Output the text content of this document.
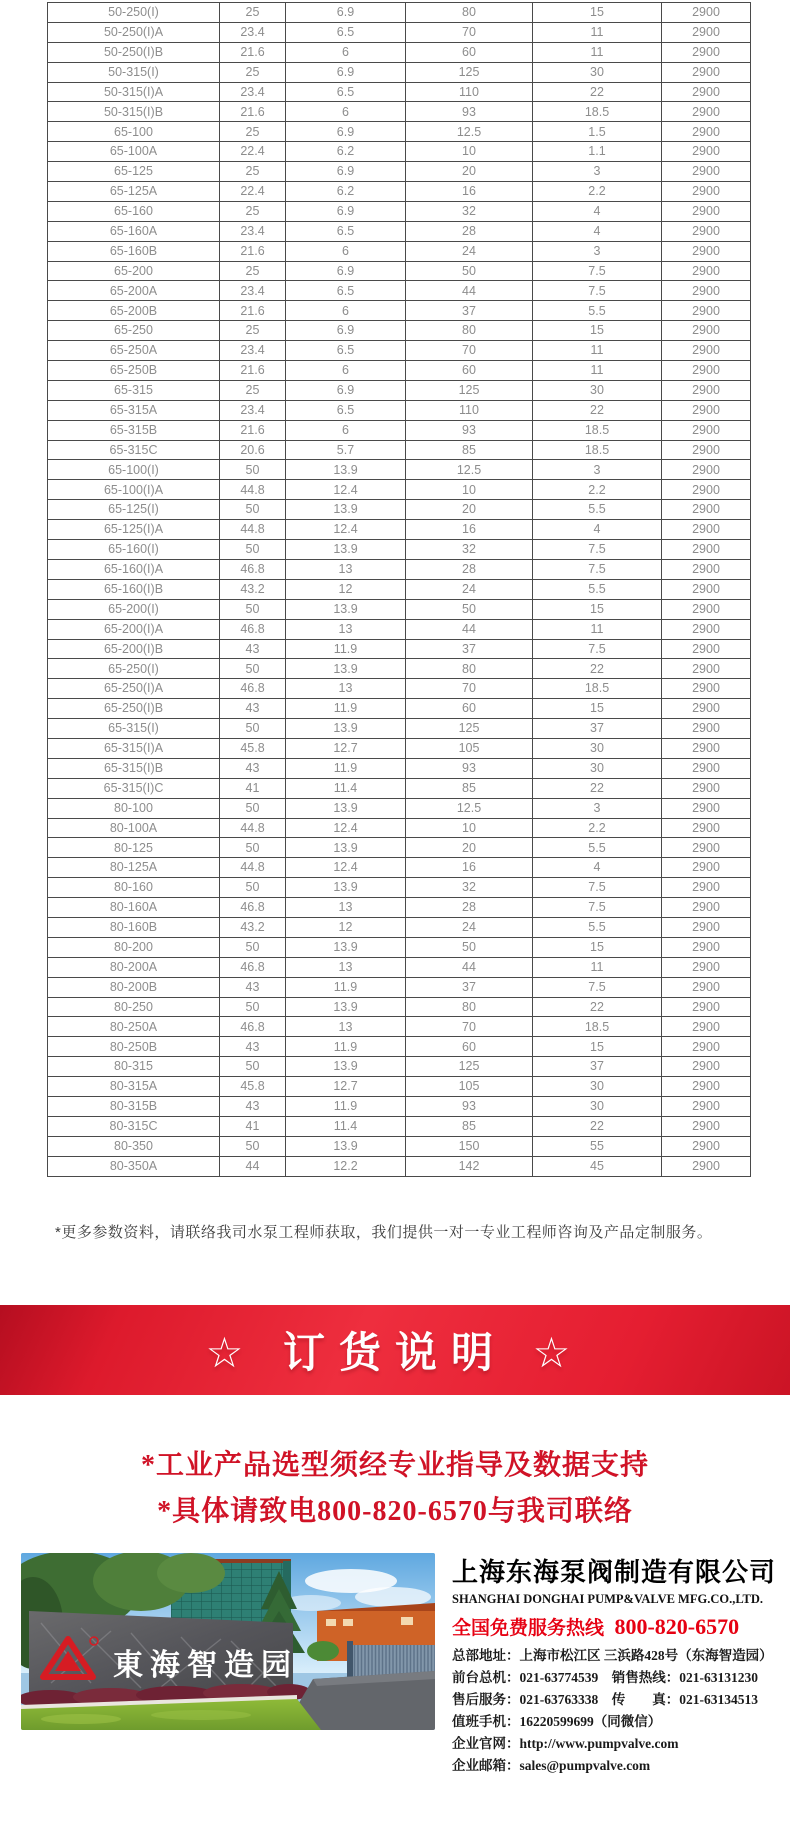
50-250(I)	25	6.9	80	15	2900
50-250(I)A	23.4	6.5	70	11	2900
50-250(I)B	21.6	6	60	11	2900
50-315(I)	25	6.9	125	30	2900
50-315(I)A	23.4	6.5	110	22	2900
50-315(I)B	21.6	6	93	18.5	2900
65-100	25	6.9	12.5	1.5	2900
65-100A	22.4	6.2	10	1.1	2900
65-125	25	6.9	20	3	2900
65-125A	22.4	6.2	16	2.2	2900
65-160	25	6.9	32	4	2900
65-160A	23.4	6.5	28	4	2900
65-160B	21.6	6	24	3	2900
65-200	25	6.9	50	7.5	2900
65-200A	23.4	6.5	44	7.5	2900
65-200B	21.6	6	37	5.5	2900
65-250	25	6.9	80	15	2900
65-250A	23.4	6.5	70	11	2900
65-250B	21.6	6	60	11	2900
65-315	25	6.9	125	30	2900
65-315A	23.4	6.5	110	22	2900
65-315B	21.6	6	93	18.5	2900
65-315C	20.6	5.7	85	18.5	2900
65-100(I)	50	13.9	12.5	3	2900
65-100(I)A	44.8	12.4	10	2.2	2900
65-125(I)	50	13.9	20	5.5	2900
65-125(I)A	44.8	12.4	16	4	2900
65-160(I)	50	13.9	32	7.5	2900
65-160(I)A	46.8	13	28	7.5	2900
65-160(I)B	43.2	12	24	5.5	2900
65-200(I)	50	13.9	50	15	2900
65-200(I)A	46.8	13	44	11	2900
65-200(I)B	43	11.9	37	7.5	2900
65-250(I)	50	13.9	80	22	2900
65-250(I)A	46.8	13	70	18.5	2900
65-250(I)B	43	11.9	60	15	2900
65-315(I)	50	13.9	125	37	2900
65-315(I)A	45.8	12.7	105	30	2900
65-315(I)B	43	11.9	93	30	2900
65-315(I)C	41	11.4	85	22	2900
80-100	50	13.9	12.5	3	2900
80-100A	44.8	12.4	10	2.2	2900
80-125	50	13.9	20	5.5	2900
80-125A	44.8	12.4	16	4	2900
80-160	50	13.9	32	7.5	2900
80-160A	46.8	13	28	7.5	2900
80-160B	43.2	12	24	5.5	2900
80-200	50	13.9	50	15	2900
80-200A	46.8	13	44	11	2900
80-200B	43	11.9	37	7.5	2900
80-250	50	13.9	80	22	2900
80-250A	46.8	13	70	18.5	2900
80-250B	43	11.9	60	15	2900
80-315	50	13.9	125	37	2900
80-315A	45.8	12.7	105	30	2900
80-315B	43	11.9	93	30	2900
80-315C	41	11.4	85	22	2900
80-350	50	13.9	150	55	2900
80-350A	44	12.2	142	45	2900
*更多参数资料，请联络我司水泵工程师获取，我们提供一对一专业工程师咨询及产品定制服务。
☆ 订货说明 ☆
*工业产品选型须经专业指导及数据支持
*具体请致电800-820-6570与我司联络
東海智造园
上海东海泵阀制造有限公司
SHANGHAI DONGHAI PUMP&VALVE MFG.CO.,LTD.
全国免费服务热线 800-820-6570
总部地址：上海市松江区 三浜路428号（东海智造园）
前台总机：021-63774539　销售热线：021-63131230
售后服务：021-63763338　传　　真：021-63134513
值班手机：16220599699（同微信）
企业官网：http://www.pumpvalve.com
企业邮箱：sales@pumpvalve.com
